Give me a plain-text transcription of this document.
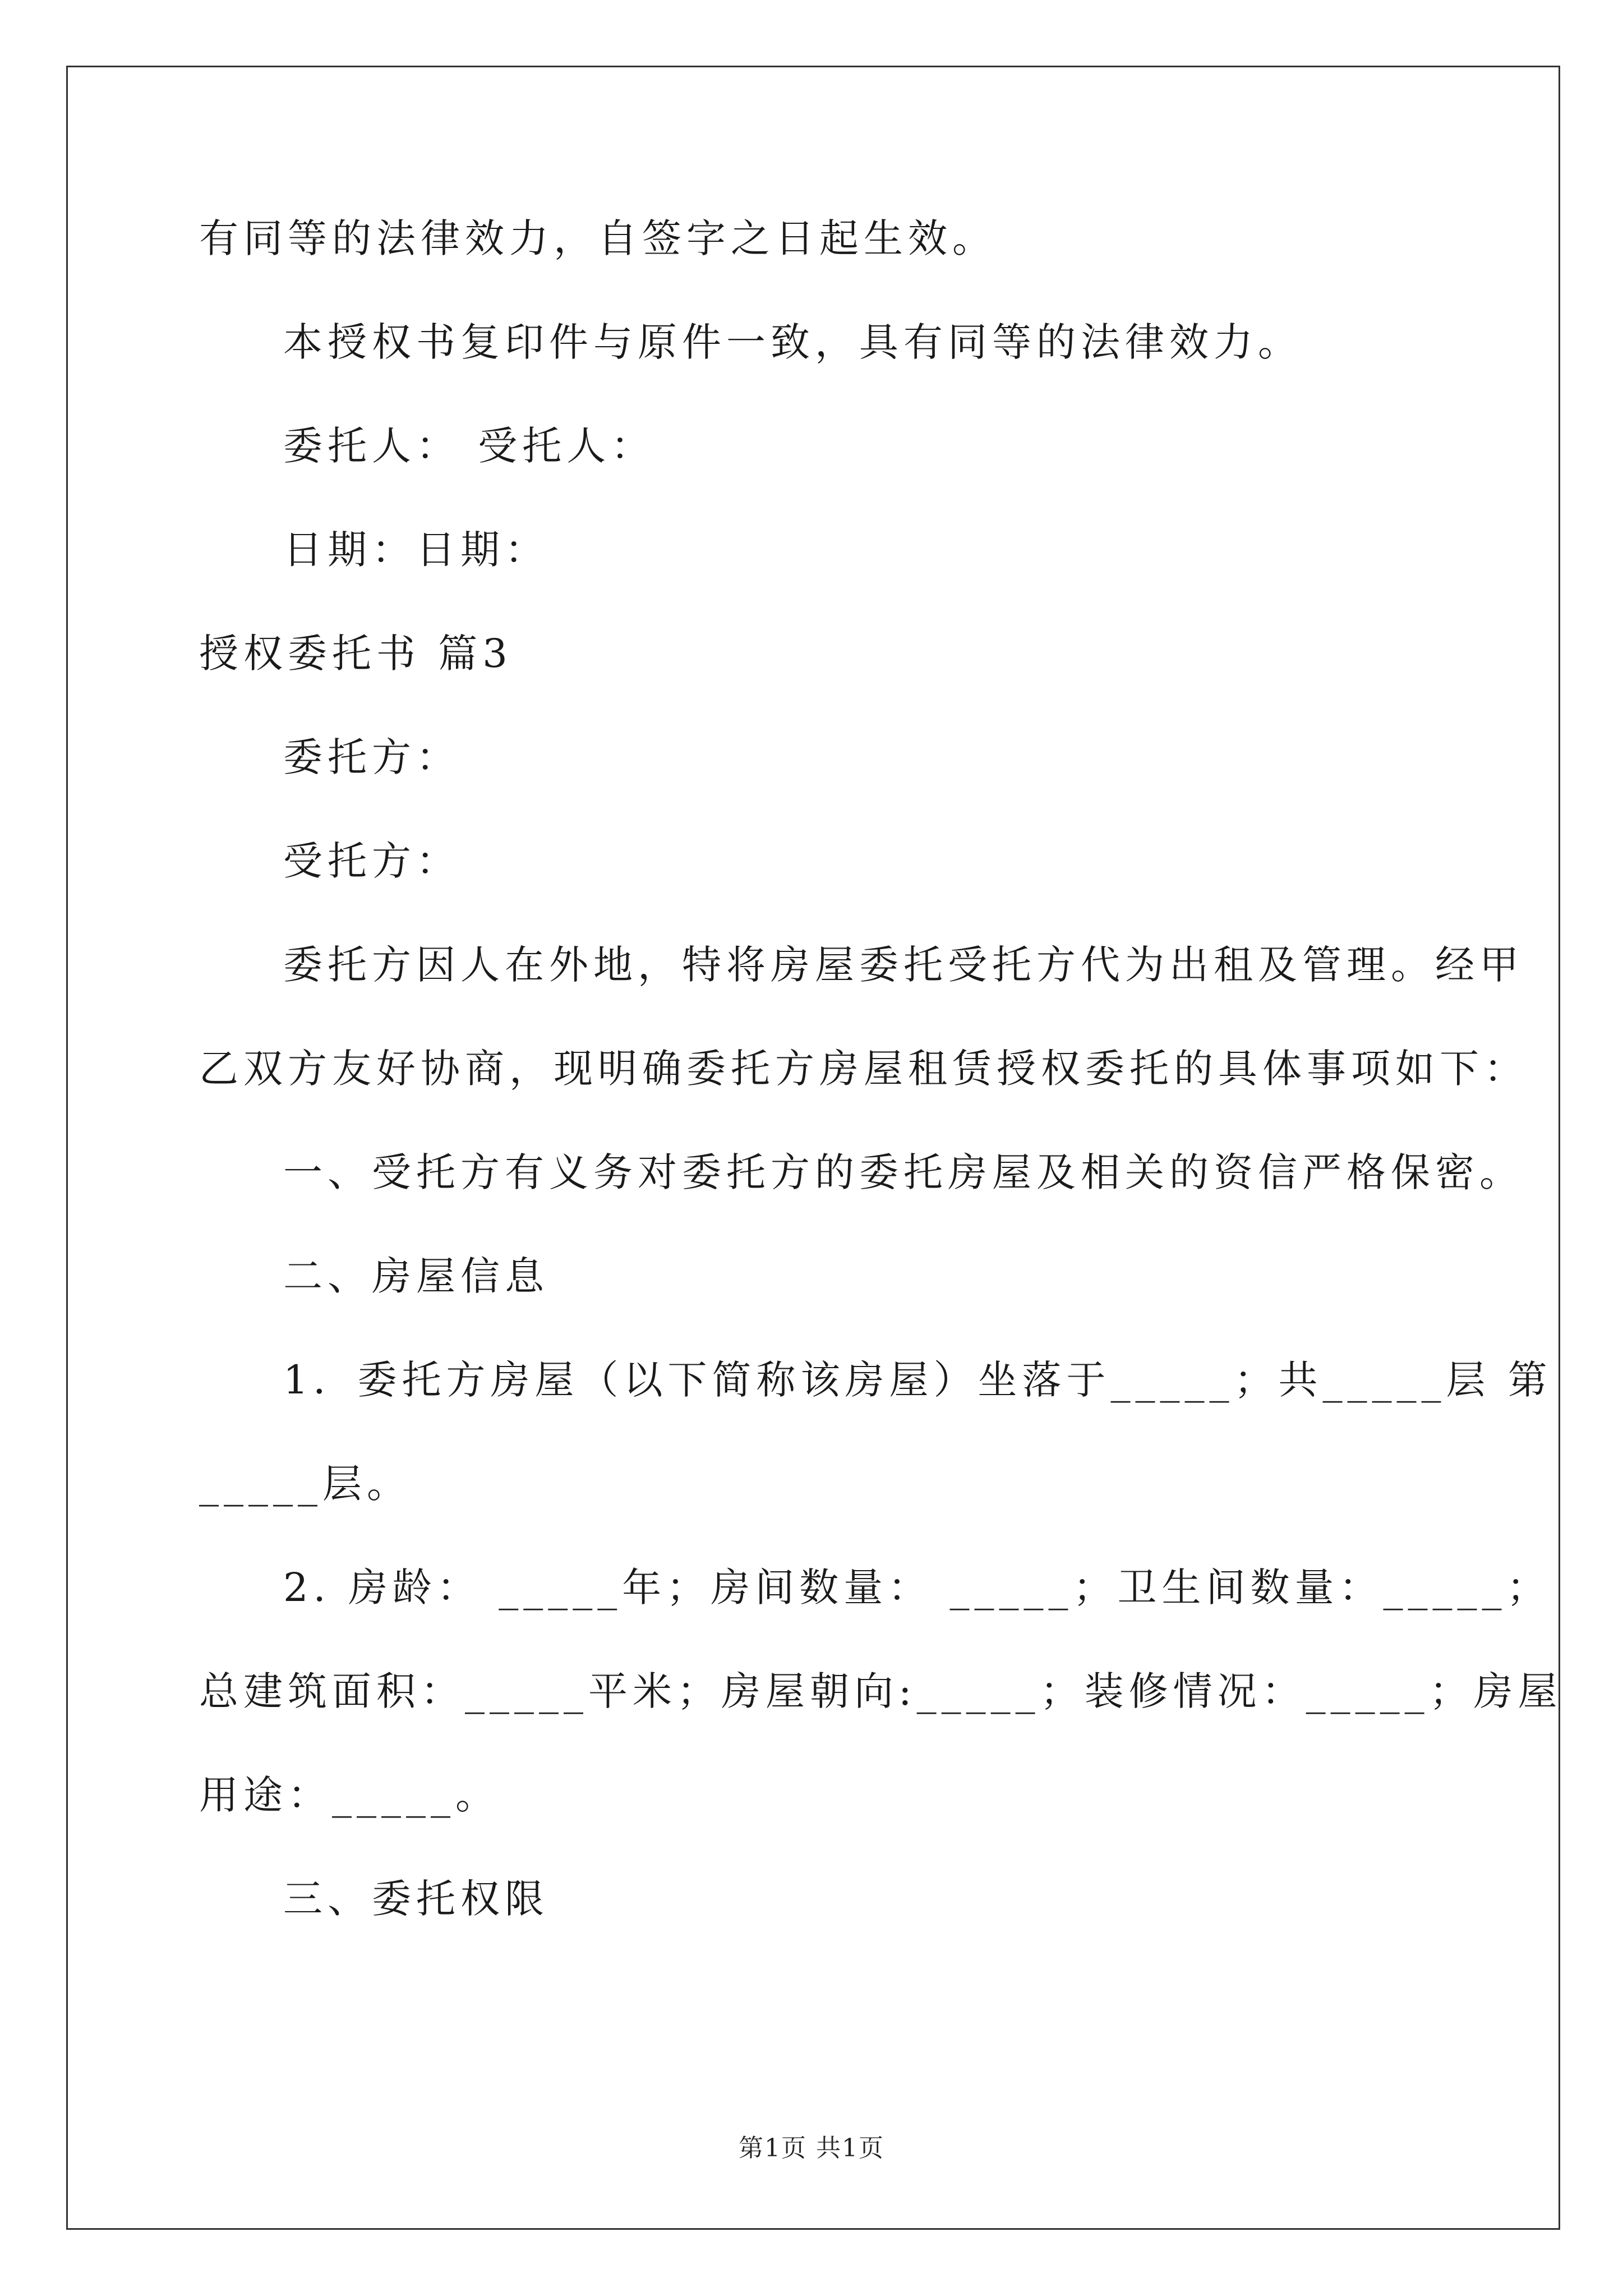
有同等的法律效力，自签字之日起生效。
本授权书复印件与原件一致，具有同等的法律效力。
委托人： 受托人：
日期：日期：
授权委托书 篇3
委托方：
受托方：
委托方因人在外地，特将房屋委托受托方代为出租及管理。经甲
乙双方友好协商，现明确委托方房屋租赁授权委托的具体事项如下：
一、受托方有义务对委托方的委托房屋及相关的资信严格保密。
二、房屋信息
1．委托方房屋（以下简称该房屋）坐落于_____；共_____层 第
_____层。
2. 房龄： _____年；房间数量： _____；卫生间数量：_____；
总建筑面积：_____平米；房屋朝向:_____；装修情况：_____；房屋
用途：_____。
三、委托权限
第1页 共1页
